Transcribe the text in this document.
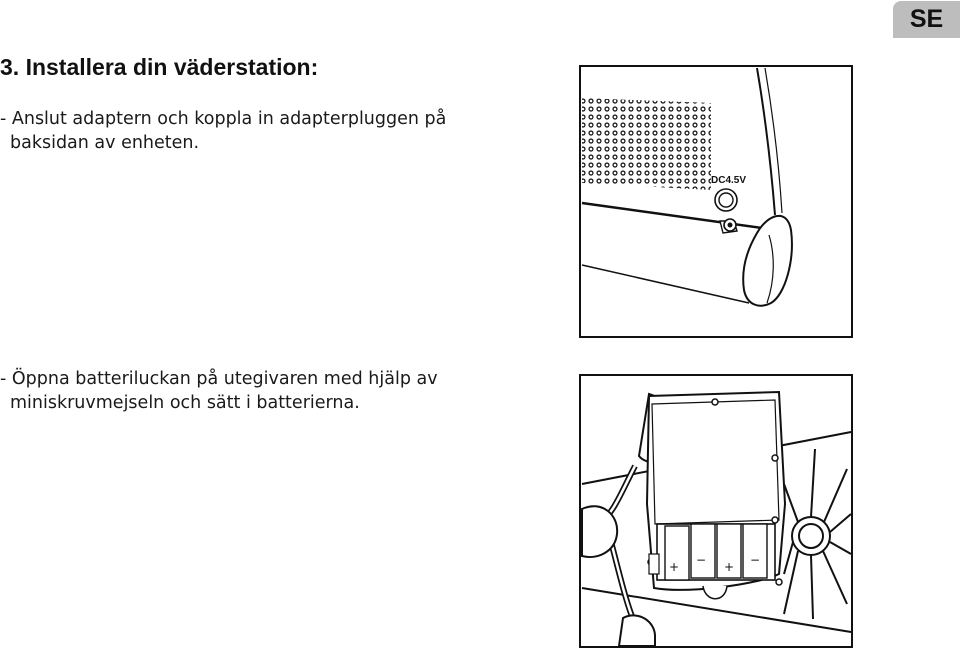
SE
3. Installera din väderstation:

- Anslut adaptern och koppla in adapterpluggen på
baksidan av enheten.

- Öppna batteriluckan på utegivaren med hjälp av
miniskruvmejseln och sätt i batterierna.

DC4.5V
+ − + −
